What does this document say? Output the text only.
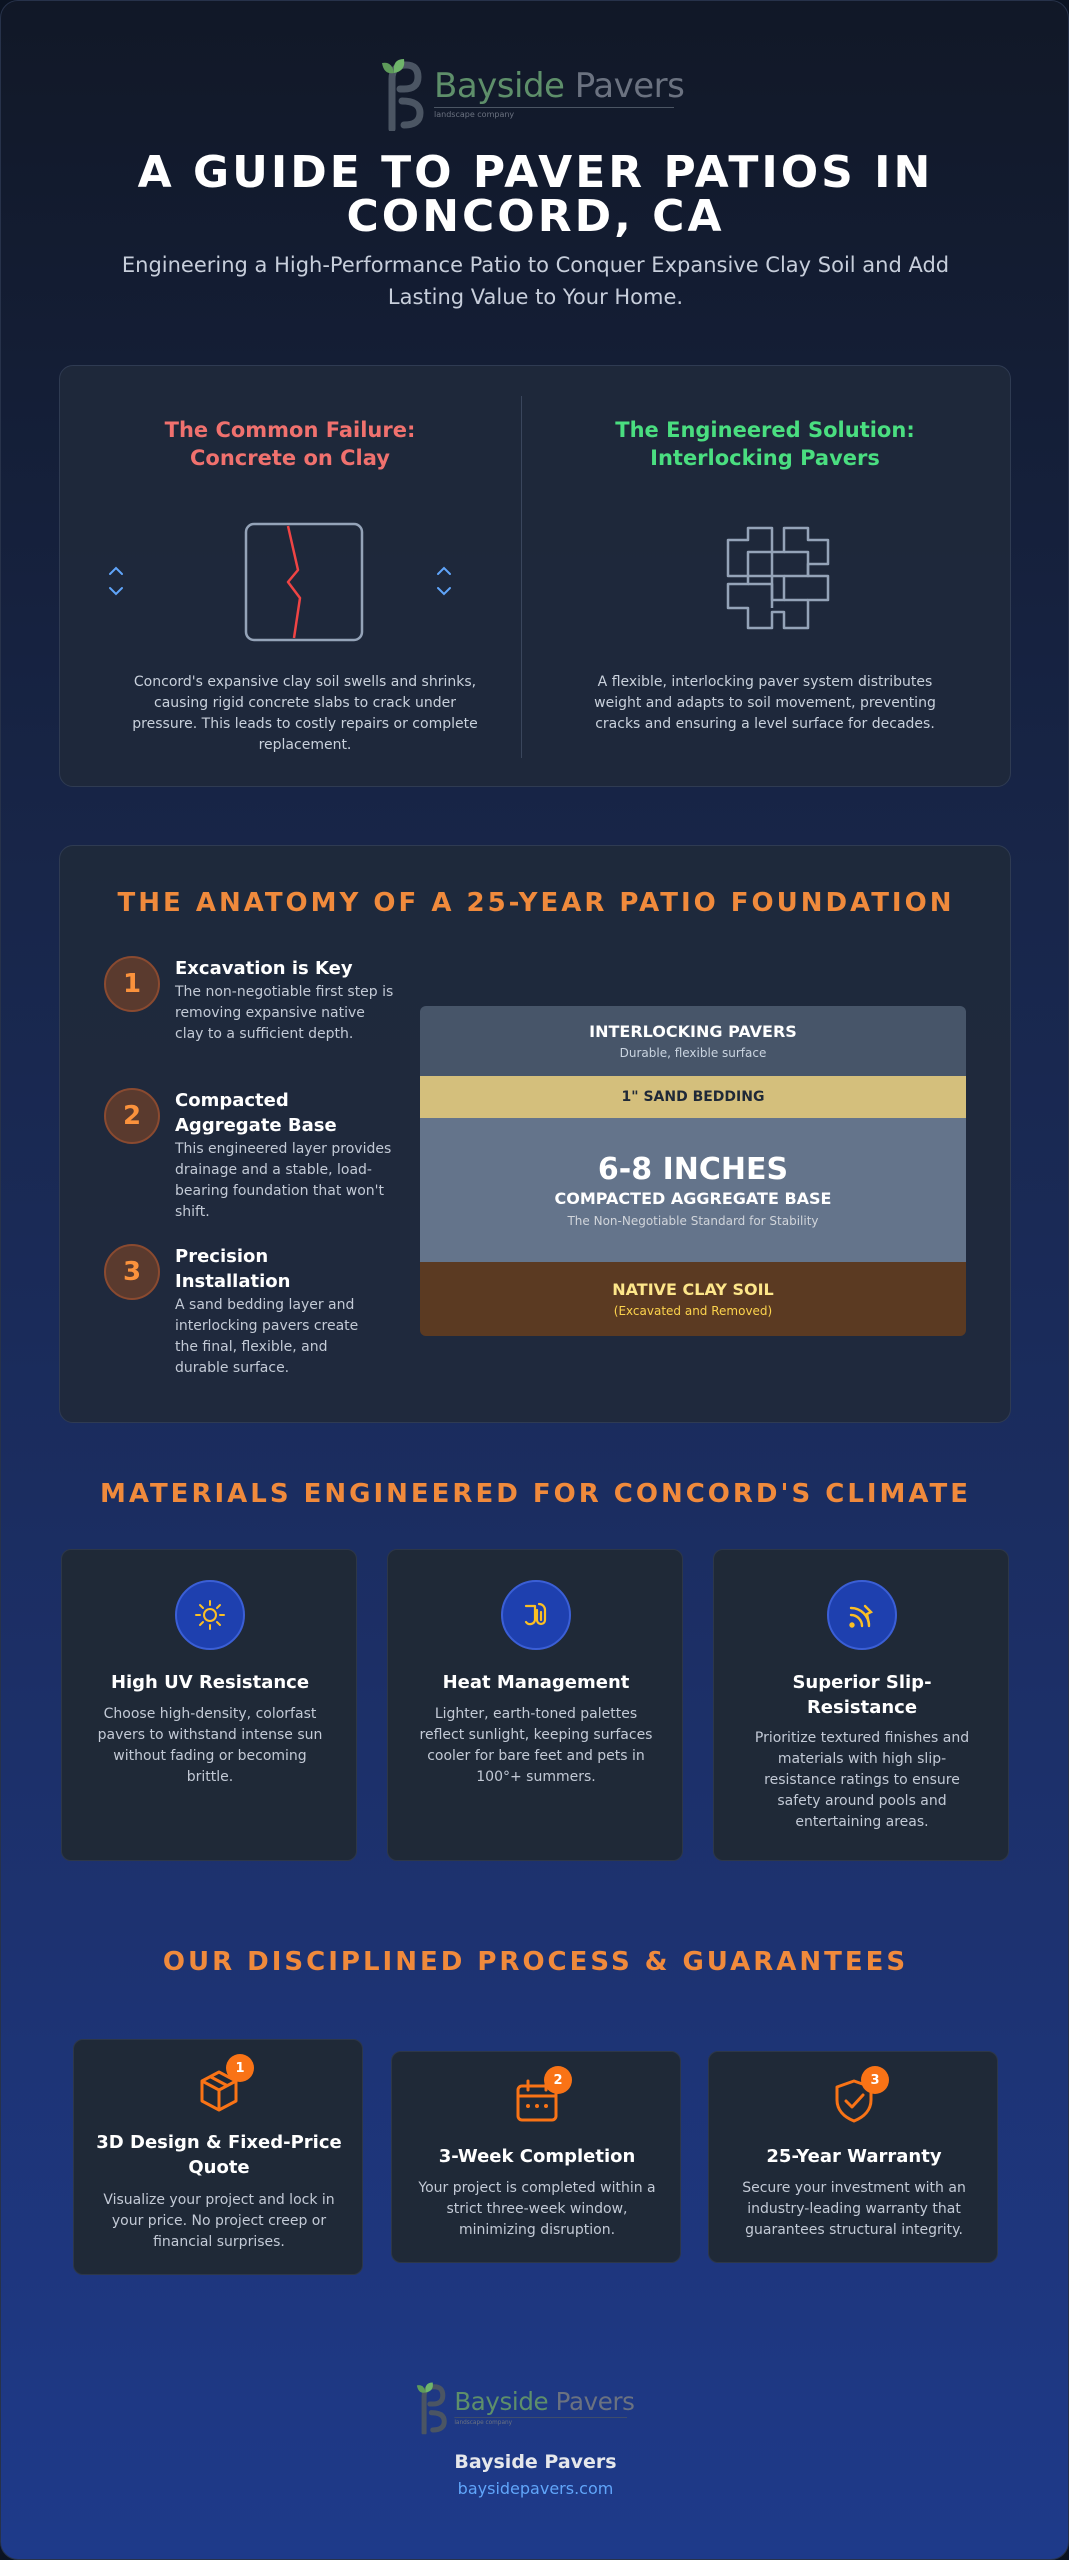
Bayside Pavers
landscape company
A GUIDE TO PAVER PATIOS IN CONCORD, CA
Engineering a High-Performance Patio to Conquer Expansive Clay Soil and Add Lasting Value to Your Home.
The Common Failure: Concrete on Clay
Concord's expansive clay soil swells and shrinks, causing rigid concrete slabs to crack under pressure. This leads to costly repairs or complete replacement.
The Engineered Solution: Interlocking Pavers
A flexible, interlocking paver system distributes weight and adapts to soil movement, preventing cracks and ensuring a level surface for decades.
THE ANATOMY OF A 25-YEAR PATIO FOUNDATION
1
Excavation is Key
The non-negotiable first step is removing expansive native clay to a sufficient depth.
2
Compacted Aggregate Base
This engineered layer provides drainage and a stable, load-bearing foundation that won't shift.
3
Precision Installation
A sand bedding layer and interlocking pavers create the final, flexible, and durable surface.
INTERLOCKING PAVERS
Durable, flexible surface
1" SAND BEDDING
6-8 INCHES
COMPACTED AGGREGATE BASE
The Non-Negotiable Standard for Stability
NATIVE CLAY SOIL
(Excavated and Removed)
MATERIALS ENGINEERED FOR CONCORD'S CLIMATE
High UV Resistance
Choose high-density, colorfast pavers to withstand intense sun without fading or becoming brittle.
Heat Management
Lighter, earth-toned palettes reflect sunlight, keeping surfaces cooler for bare feet and pets in 100°+ summers.
Superior Slip-Resistance
Prioritize textured finishes and materials with high slip-resistance ratings to ensure safety around pools and entertaining areas.
OUR DISCIPLINED PROCESS & GUARANTEES
1
3D Design & Fixed-Price Quote
Visualize your project and lock in your price. No project creep or financial surprises.
2
3-Week Completion
Your project is completed within a strict three-week window, minimizing disruption.
3
25-Year Warranty
Secure your investment with an industry-leading warranty that guarantees structural integrity.
Bayside Pavers
landscape company
Bayside Pavers
baysidepavers.com
